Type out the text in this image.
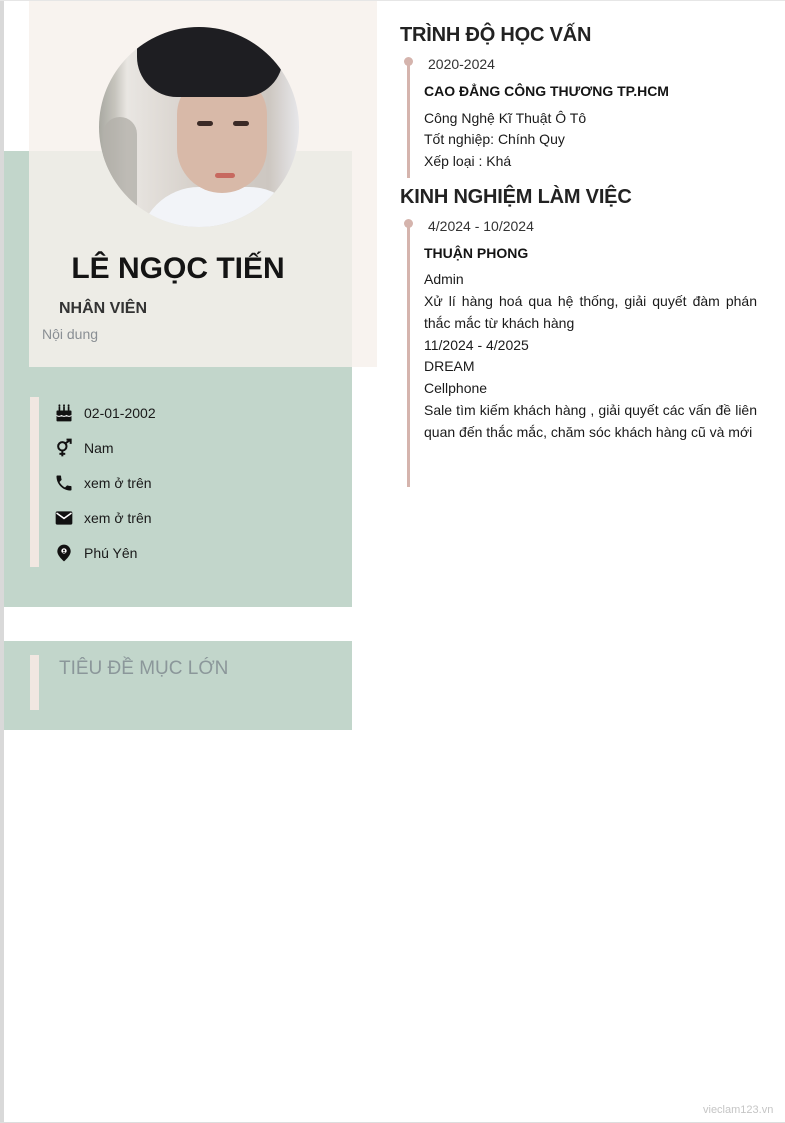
LÊ NGỌC TIẾN
NHÂN VIÊN
Nội dung
02-01-2002
Nam
xem ở trên
xem ở trên
Phú Yên
TIÊU ĐỀ MỤC LỚN
TRÌNH ĐỘ HỌC VẤN
2020-2024
CAO ĐẲNG CÔNG THƯƠNG TP.HCM
Công Nghệ Kĩ Thuật Ô Tô
Tốt nghiệp: Chính Quy
Xếp loại : Khá
KINH NGHIỆM LÀM VIỆC
4/2024 - 10/2024
THUẬN PHONG
Admin
Xử lí hàng hoá qua hệ thống, giải quyết đàm phán thắc mắc từ khách hàng
11/2024 - 4/2025
DREAM
Cellphone
Sale tìm kiếm khách hàng , giải quyết các vấn đề liên quan đến thắc mắc, chăm sóc khách hàng cũ và mới
vieclam123.vn
